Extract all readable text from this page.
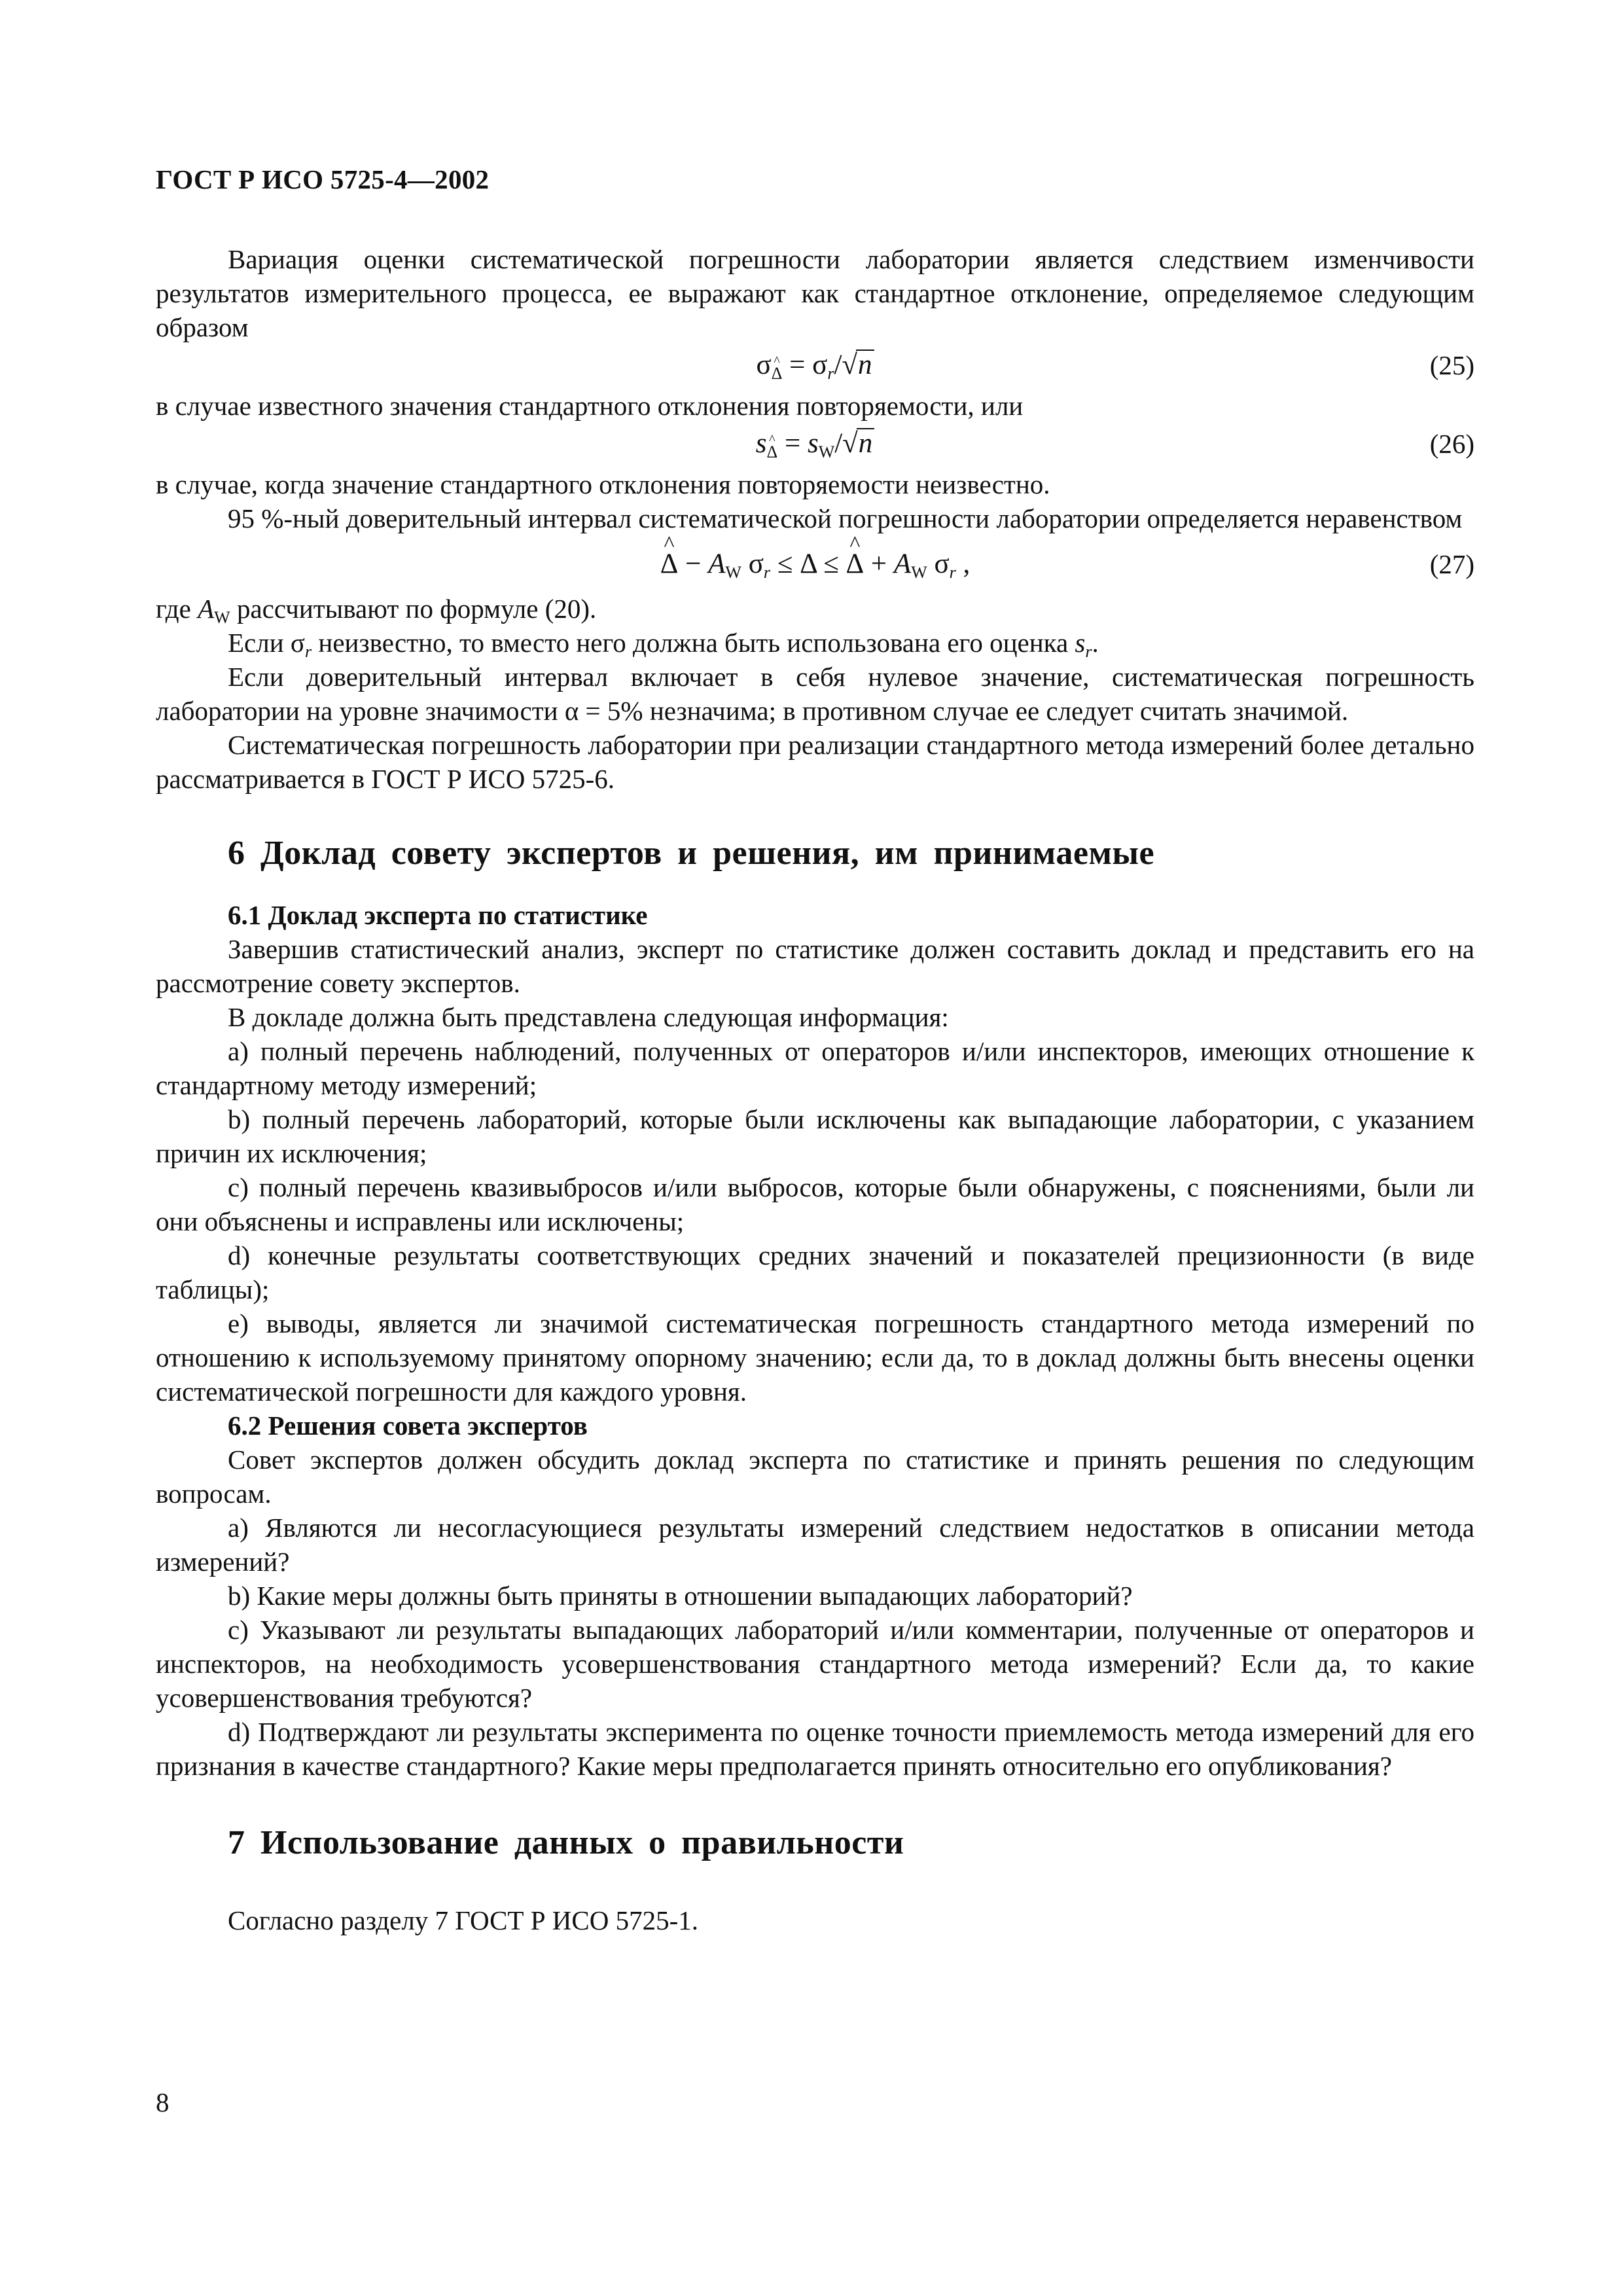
ГОСТ Р ИСО 5725-4—2002

Вариация оценки систематической погрешности лаборатории является следствием изменчивости результатов измерительного процесса, ее выражают как стандартное отклонение, определяемое следующим образом

σ^ $\Delta = \sigma_r/√n$	(25)

в случае известного значения стандартного отклонения повторяемости, или

s^ $\Delta = s_W/√n$	(26)

в случае, когда значение стандартного отклонения повторяемости неизвестно.

95 %-ный доверительный интервал систематической погрешности лаборатории определяется неравенством

^ $\Delta - A_W$ $\sigma_r \le \Delta$ ≤ ^ $\Delta + A_W$ $\sigma_r$ ,	(27)

где $A_W$ рассчитывают по формуле (20).

Если $\sigma_r$ неизвестно, то вместо него должна быть использована его оценка $s_r$.

Если доверительный интервал включает в себя нулевое значение, систематическая погрешность лаборатории на уровне значимости α = 5% незначима; в противном случае ее следует считать значимой.

Систематическая погрешность лаборатории при реализации стандартного метода измерений более детально рассматривается в ГОСТ Р ИСО 5725-6.

6 Доклад совету экспертов и решения, им принимаемые
6.1 Доклад эксперта по статистике

Завершив статистический анализ, эксперт по статистике должен составить доклад и представить его на рассмотрение совету экспертов.

В докладе должна быть представлена следующая информация:

а) полный перечень наблюдений, полученных от операторов и/или инспекторов, имеющих отношение к стандартному методу измерений;

b) полный перечень лабораторий, которые были исключены как выпадающие лаборатории, с указанием причин их исключения;

с) полный перечень квазивыбросов и/или выбросов, которые были обнаружены, с пояснениями, были ли они объяснены и исправлены или исключены;

d) конечные результаты соответствующих средних значений и показателей прецизионности (в виде таблицы);

е) выводы, является ли значимой систематическая погрешность стандартного метода измерений по отношению к используемому принятому опорному значению; если да, то в доклад должны быть внесены оценки систематической погрешности для каждого уровня.

6.2 Решения совета экспертов

Совет экспертов должен обсудить доклад эксперта по статистике и принять решения по следующим вопросам.

а) Являются ли несогласующиеся результаты измерений следствием недостатков в описании метода измерений?

b) Какие меры должны быть приняты в отношении выпадающих лабораторий?

с) Указывают ли результаты выпадающих лабораторий и/или комментарии, полученные от операторов и инспекторов, на необходимость усовершенствования стандартного метода измерений? Если да, то какие усовершенствования требуются?

d) Подтверждают ли результаты эксперимента по оценке точности приемлемость метода измерений для его признания в качестве стандартного? Какие меры предполагается принять относительно его опубликования?

7 Использование данных о правильности

Согласно разделу 7 ГОСТ Р ИСО 5725-1.

8
